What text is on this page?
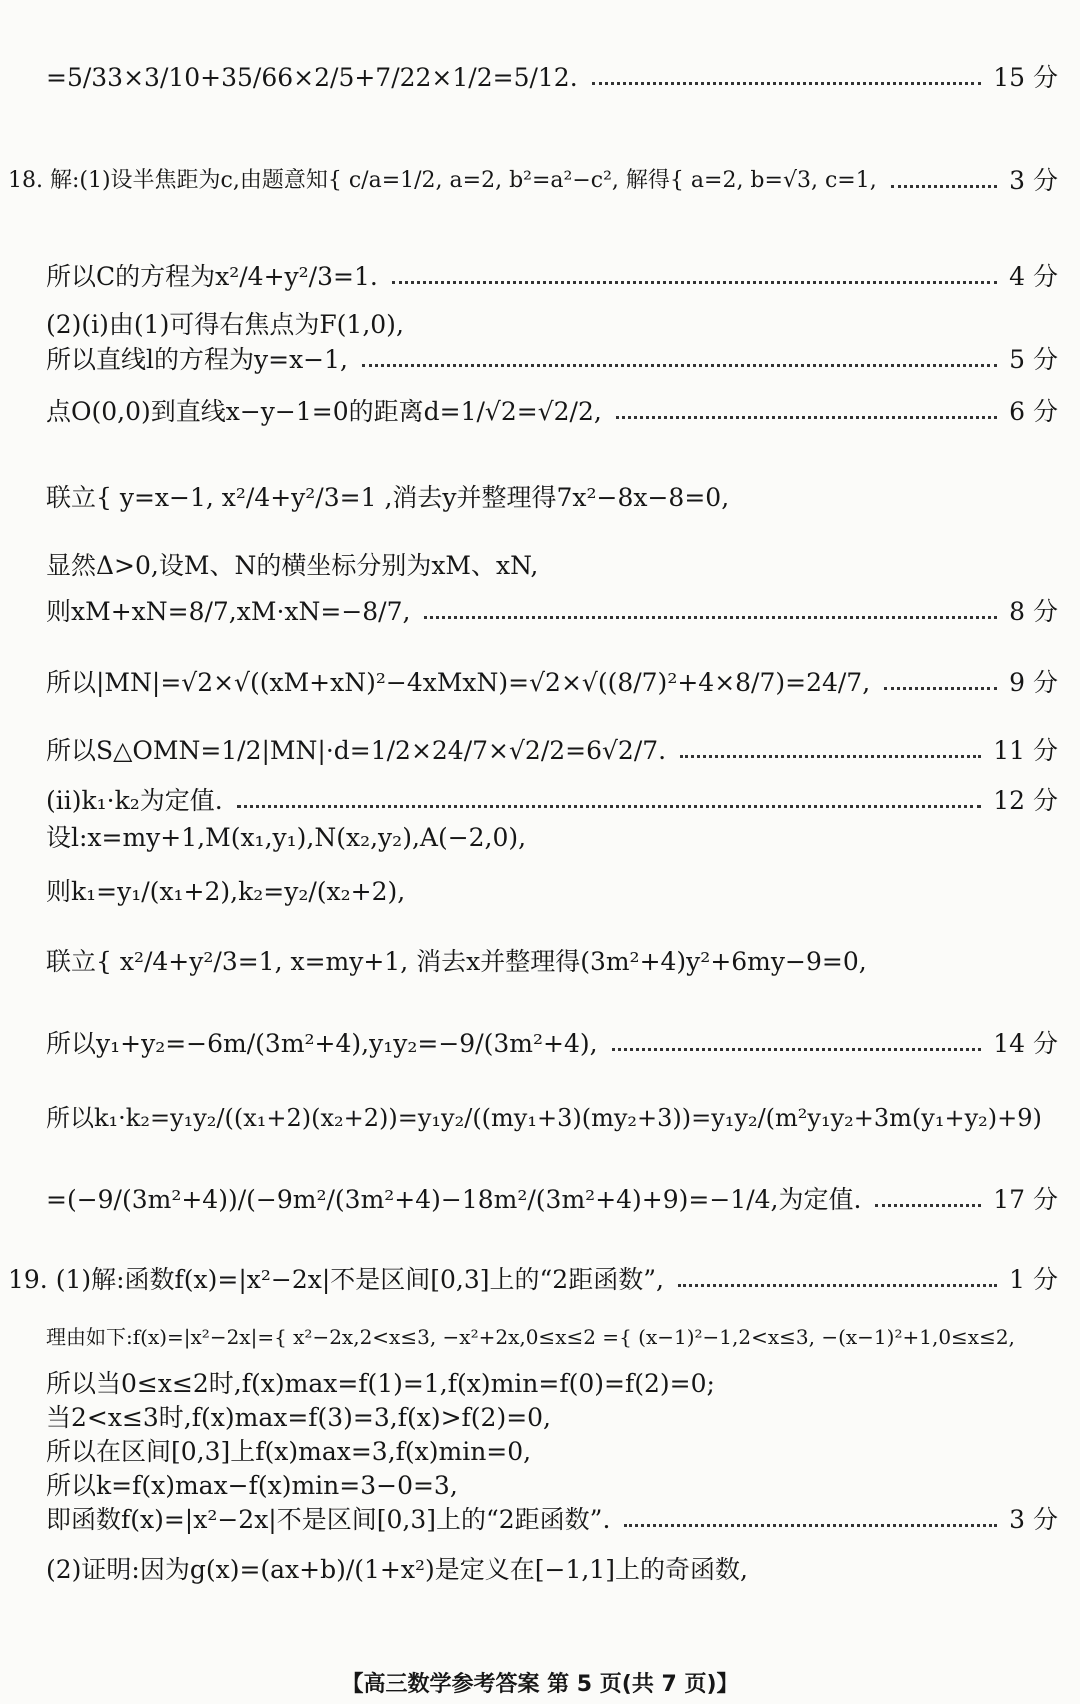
=5/33×3/10+35/66×2/5+7/22×1/2=5/12.	15 分
18. 解:(1)设半焦距为c,由题意知{ c/a=1/2, a=2, b²=a²−c², 解得{ a=2, b=√3, c=1,	3 分
所以C的方程为x²/4+y²/3=1.	4 分
(2)(i)由(1)可得右焦点为F(1,0),
所以直线l的方程为y=x−1,	5 分
点O(0,0)到直线x−y−1=0的距离d=1/√2=√2/2,	6 分
联立{ y=x−1, x²/4+y²/3=1 ,消去y并整理得7x²−8x−8=0,
显然Δ>0,设M、N的横坐标分别为xM、xN,
则xM+xN=8/7,xM·xN=−8/7,	8 分
所以|MN|=√2×√((xM+xN)²−4xMxN)=√2×√((8/7)²+4×8/7)=24/7,	9 分
所以S△OMN=1/2|MN|·d=1/2×24/7×√2/2=6√2/7.	11 分
(ii)k₁·k₂为定值.	12 分
设l:x=my+1,M(x₁,y₁),N(x₂,y₂),A(−2,0),
则k₁=y₁/(x₁+2),k₂=y₂/(x₂+2),
联立{ x²/4+y²/3=1, x=my+1, 消去x并整理得(3m²+4)y²+6my−9=0,
所以y₁+y₂=−6m/(3m²+4),y₁y₂=−9/(3m²+4),	14 分
所以k₁·k₂=y₁y₂/((x₁+2)(x₂+2))=y₁y₂/((my₁+3)(my₂+3))=y₁y₂/(m²y₁y₂+3m(y₁+y₂)+9)
=(−9/(3m²+4))/(−9m²/(3m²+4)−18m²/(3m²+4)+9)=−1/4,为定值.	17 分
19. (1)解:函数f(x)=|x²−2x|不是区间[0,3]上的“2距函数”,	1 分
理由如下:f(x)=|x²−2x|={ x²−2x,2<x≤3, −x²+2x,0≤x≤2 ={ (x−1)²−1,2<x≤3, −(x−1)²+1,0≤x≤2,
所以当0≤x≤2时,f(x)max=f(1)=1,f(x)min=f(0)=f(2)=0;
当2<x≤3时,f(x)max=f(3)=3,f(x)>f(2)=0,
所以在区间[0,3]上f(x)max=3,f(x)min=0,
所以k=f(x)max−f(x)min=3−0=3,
即函数f(x)=|x²−2x|不是区间[0,3]上的“2距函数”.	3 分
(2)证明:因为g(x)=(ax+b)/(1+x²)是定义在[−1,1]上的奇函数,
【高三数学参考答案 第 5 页(共 7 页)】
